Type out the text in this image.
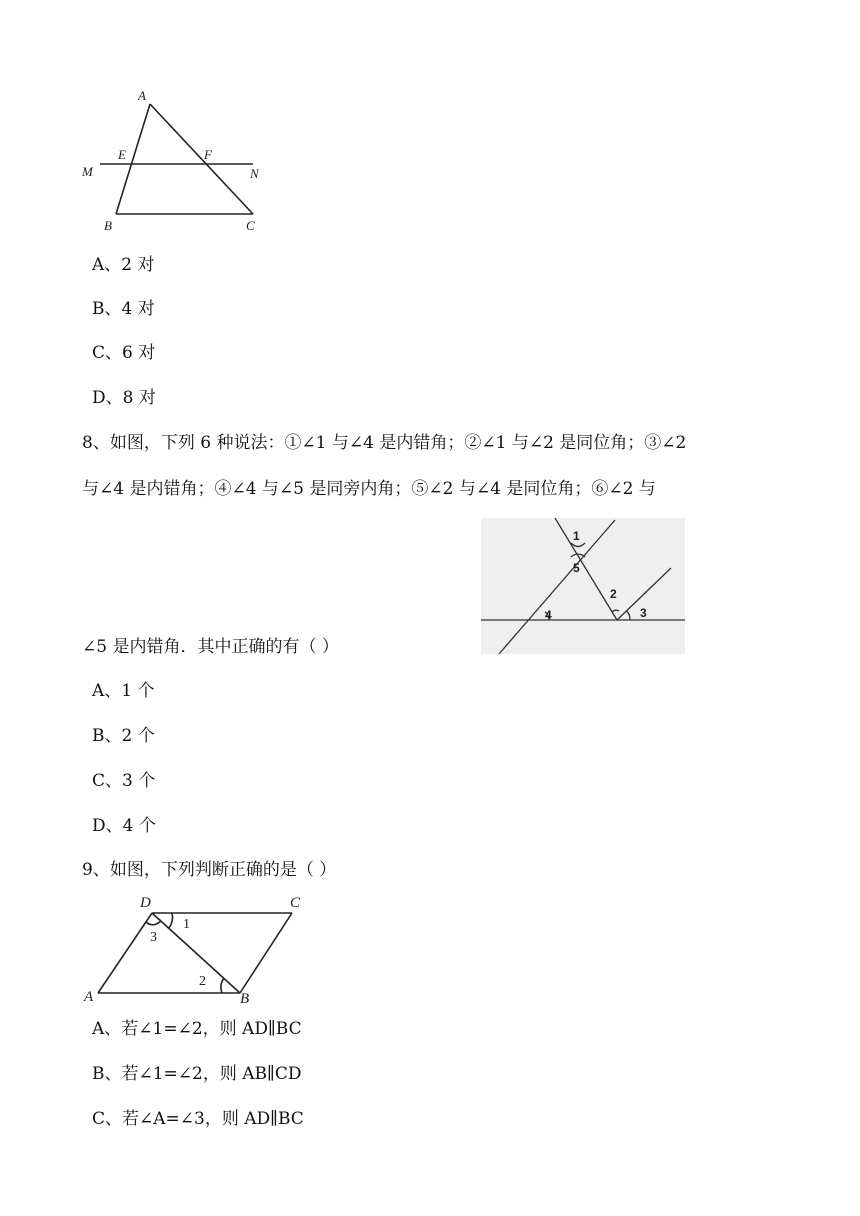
A
E	F
M	N
B	C
A、2 对
B、4 对
C、6 对
D、8 对
8、如图，下列 6 种说法：①∠1 与∠4 是内错角；②∠1 与∠2 是同位角；③∠2
与∠4 是内错角；④∠4 与∠5 是同旁内角；⑤∠2 与∠4 是同位角；⑥∠2 与
∠5 是内错角．其中正确的有（ ）
1
5
2
3
4
A、1 个
B、2 个
C、3 个
D、4 个
9、如图，下列判断正确的是（ ）
D	C
A	B
1
2
3
A、若∠1=∠2，则 AD∥BC
B、若∠1=∠2，则 AB∥CD
C、若∠A=∠3，则 AD∥BC
